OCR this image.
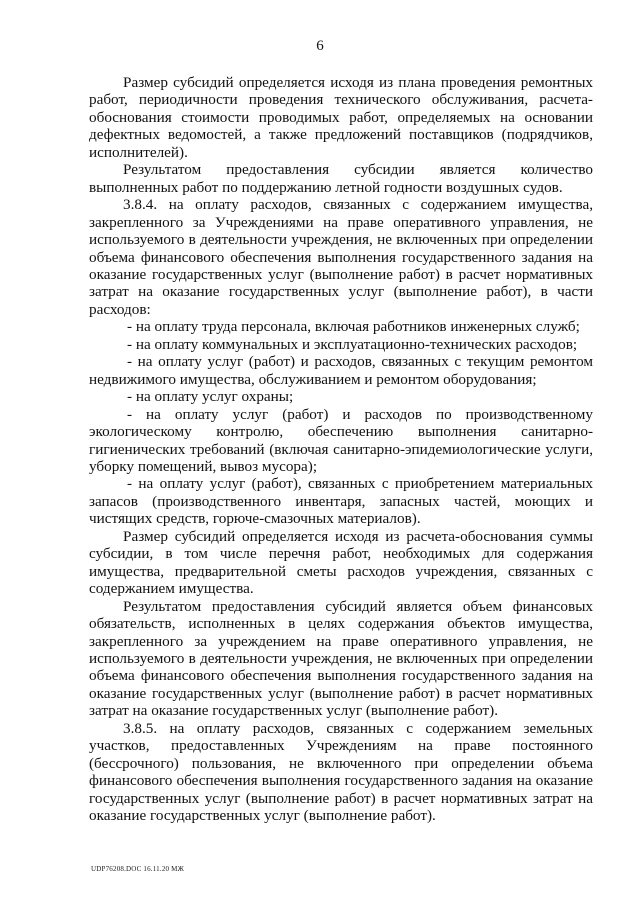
6

Размер субсидий определяется исходя из плана проведения ремонтных работ, периодичности проведения технического обслуживания, расчета-обоснования стоимости проводимых работ, определяемых на основании дефектных ведомостей, а также предложений поставщиков (подрядчиков, исполнителей).

Результатом предоставления субсидии является количество выполненных работ по поддержанию летной годности воздушных судов.

3.8.4. на оплату расходов, связанных с содержанием имущества, закрепленного за Учреждениями на праве оперативного управления, не используемого в деятельности учреждения, не включенных при определении объема финансового обеспечения выполнения государственного задания на оказание государственных услуг (выполнение работ) в расчет нормативных затрат на оказание государственных услуг (выполнение работ), в части расходов:

- на оплату труда персонала, включая работников инженерных служб;

- на оплату коммунальных и эксплуатационно-технических расходов;

- на оплату услуг (работ) и расходов, связанных с текущим ремонтом недвижимого имущества, обслуживанием и ремонтом оборудования;

- на оплату услуг охраны;

- на оплату услуг (работ) и расходов по производственному экологическому контролю, обеспечению выполнения санитарно-гигиенических требований (включая санитарно-эпидемиологические услуги, уборку помещений, вывоз мусора);

- на оплату услуг (работ), связанных с приобретением материальных запасов (производственного инвентаря, запасных частей, моющих и чистящих средств, горюче-смазочных материалов).

Размер субсидий определяется исходя из расчета-обоснования суммы субсидии, в том числе перечня работ, необходимых для содержания имущества, предварительной сметы расходов учреждения, связанных с содержанием имущества.

Результатом предоставления субсидий является объем финансовых обязательств, исполненных в целях содержания объектов имущества, закрепленного за учреждением на праве оперативного управления, не используемого в деятельности учреждения, не включенных при определении объема финансового обеспечения выполнения государственного задания на оказание государственных услуг (выполнение работ) в расчет нормативных затрат на оказание государственных услуг (выполнение работ).

3.8.5. на оплату расходов, связанных с содержанием земельных участков, предоставленных Учреждениям на праве постоянного (бессрочного) пользования, не включенного при определении объема финансового обеспечения выполнения государственного задания на оказание государственных услуг (выполнение работ) в расчет нормативных затрат на оказание государственных услуг (выполнение работ).

UDP76208.DOC 16.11.20 MЖ
